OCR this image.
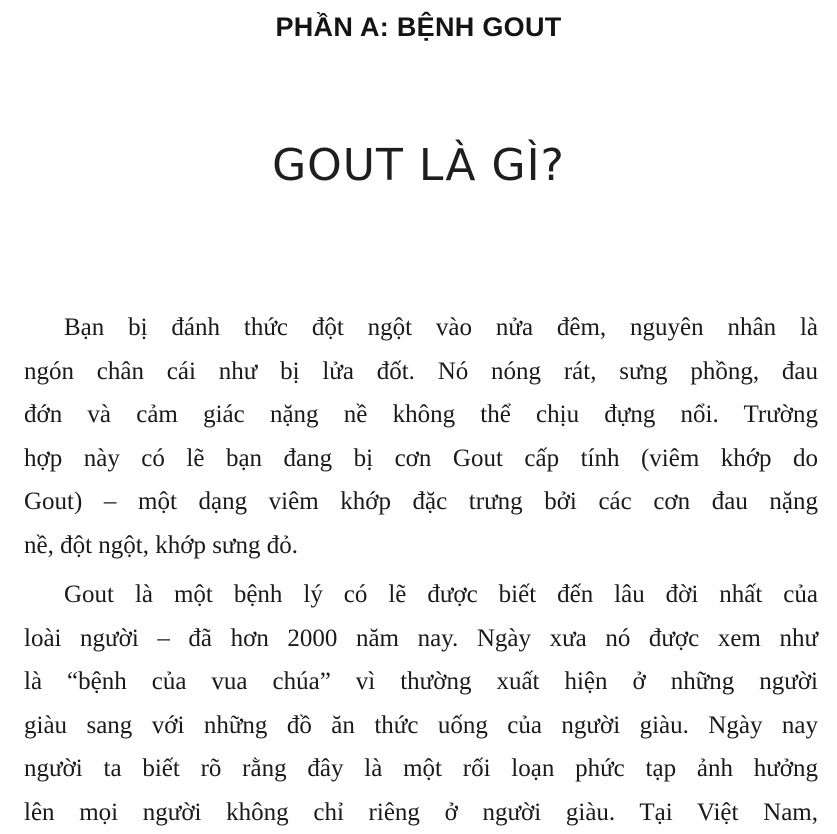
PHẦN A: BỆNH GOUT
GOUT LÀ GÌ?

Bạn bị đánh thức đột ngột vào nửa đêm, nguyên nhân là
ngón chân cái như bị lửa đốt. Nó nóng rát, sưng phồng, đau
đớn và cảm giác nặng nề không thể chịu đựng nổi. Trường
hợp này có lẽ bạn đang bị cơn Gout cấp tính (viêm khớp do
Gout) – một dạng viêm khớp đặc trưng bởi các cơn đau nặng
nề, đột ngột, khớp sưng đỏ.

Gout là một bệnh lý có lẽ được biết đến lâu đời nhất của
loài người – đã hơn 2000 năm nay. Ngày xưa nó được xem như
là “bệnh của vua chúa” vì thường xuất hiện ở những người
giàu sang với những đồ ăn thức uống của người giàu. Ngày nay
người ta biết rõ rằng đây là một rối loạn phức tạp ảnh hưởng
lên mọi người không chỉ riêng ở người giàu. Tại Việt Nam,
